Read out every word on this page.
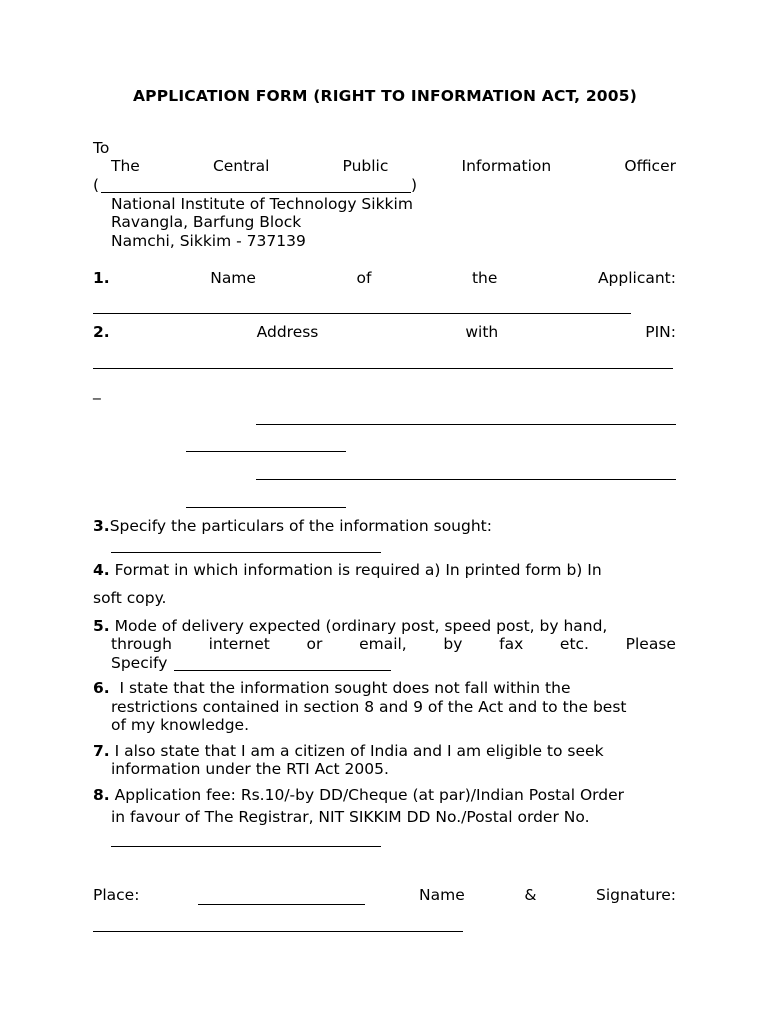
APPLICATION FORM (RIGHT TO INFORMATION ACT, 2005)
To
The	Central	Public	Information	Officer
(	)
National Institute of Technology Sikkim
Ravangla, Barfung Block
Namchi, Sikkim - 737139
1.	Name	of	the	Applicant:
2.	Address	with	PIN:
_
3.Specify the particulars of the information sought:
4. Format in which information is required a) In printed form b) In
soft copy.
5. Mode of delivery expected (ordinary post, speed post, by hand,
through internet or email, by fax etc. Please
Specify
6. I state that the information sought does not fall within the
restrictions contained in section 8 and 9 of the Act and to the best
of my knowledge.
7. I also state that I am a citizen of India and I am eligible to seek
information under the RTI Act 2005.
8. Application fee: Rs.10/-by DD/Cheque (at par)/Indian Postal Order
in favour of The Registrar, NIT SIKKIM DD No./Postal order No.
Place:	Name	&	Signature:
